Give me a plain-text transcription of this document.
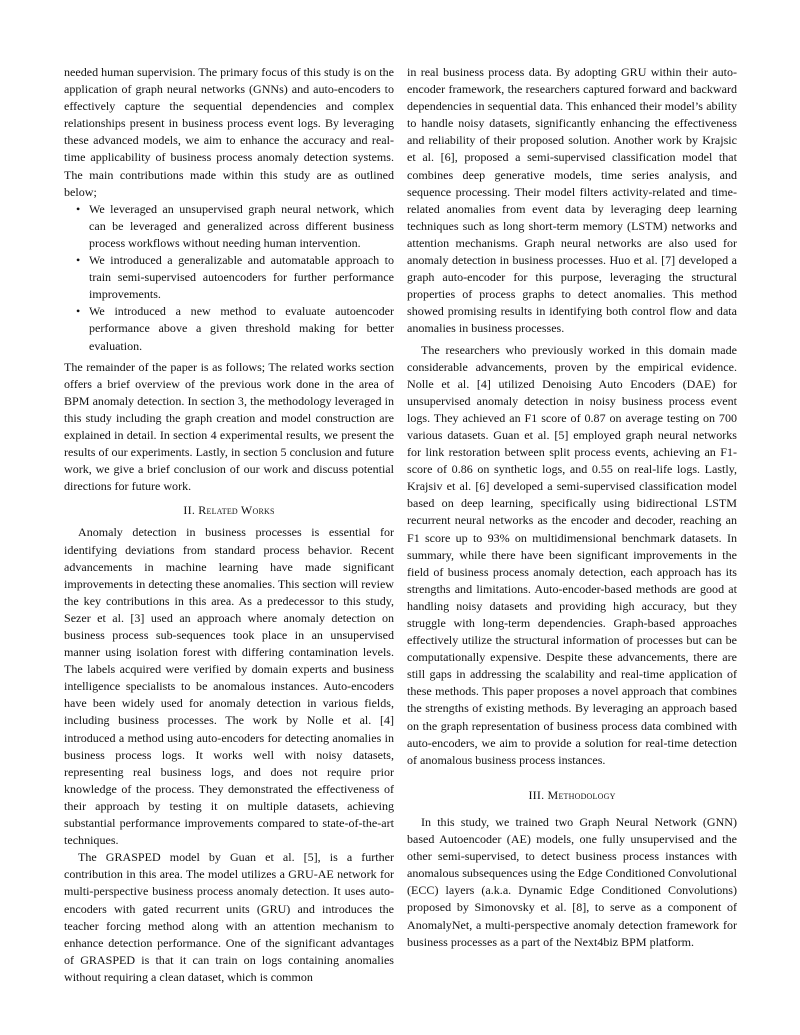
needed human supervision. The primary focus of this study is on the application of graph neural networks (GNNs) and auto-encoders to effectively capture the sequential dependencies and complex relationships present in business process event logs. By leveraging these advanced models, we aim to enhance the accuracy and real-time applicability of business process anomaly detection systems. The main contributions made within this study are as outlined below;

• We leveraged an unsupervised graph neural network, which can be leveraged and generalized across different business process workflows without needing human intervention.
• We introduced a generalizable and automatable approach to train semi-supervised autoencoders for further performance improvements.
• We introduced a new method to evaluate autoencoder performance above a given threshold making for better evaluation.

The remainder of the paper is as follows; The related works section offers a brief overview of the previous work done in the area of BPM anomaly detection. In section 3, the methodology leveraged in this study including the graph creation and model construction are explained in detail. In section 4 experimental results, we present the results of our experiments. Lastly, in section 5 conclusion and future work, we give a brief conclusion of our work and discuss potential directions for future work.

II. Related Works

Anomaly detection in business processes is essential for identifying deviations from standard process behavior. Recent advancements in machine learning have made significant improvements in detecting these anomalies. This section will review the key contributions in this area. As a predecessor to this study, Sezer et al. [3] used an approach where anomaly detection on business process sub-sequences took place in an unsupervised manner using isolation forest with differing contamination levels. The labels acquired were verified by domain experts and business intelligence specialists to be anomalous instances. Auto-encoders have been widely used for anomaly detection in various fields, including business processes. The work by Nolle et al. [4] introduced a method using auto-encoders for detecting anomalies in business process logs. It works well with noisy datasets, representing real business logs, and does not require prior knowledge of the process. They demonstrated the effectiveness of their approach by testing it on multiple datasets, achieving substantial performance improvements compared to state-of-the-art techniques.

The GRASPED model by Guan et al. [5], is a further contribution in this area. The model utilizes a GRU-AE network for multi-perspective business process anomaly detection. It uses auto-encoders with gated recurrent units (GRU) and introduces the teacher forcing method along with an attention mechanism to enhance detection performance. One of the significant advantages of GRASPED is that it can train on logs containing anomalies without requiring a clean dataset, which is common

in real business process data. By adopting GRU within their auto-encoder framework, the researchers captured forward and backward dependencies in sequential data. This enhanced their model’s ability to handle noisy datasets, significantly enhancing the effectiveness and reliability of their proposed solution. Another work by Krajsic et al. [6], proposed a semi-supervised classification model that combines deep generative models, time series analysis, and sequence processing. Their model filters activity-related and time-related anomalies from event data by leveraging deep learning techniques such as long short-term memory (LSTM) networks and attention mechanisms. Graph neural networks are also used for anomaly detection in business processes. Huo et al. [7] developed a graph auto-encoder for this purpose, leveraging the structural properties of process graphs to detect anomalies. This method showed promising results in identifying both control flow and data anomalies in business processes.

The researchers who previously worked in this domain made considerable advancements, proven by the empirical evidence. Nolle et al. [4] utilized Denoising Auto Encoders (DAE) for unsupervised anomaly detection in noisy business process event logs. They achieved an F1 score of 0.87 on average testing on 700 various datasets. Guan et al. [5] employed graph neural networks for link restoration between split process events, achieving an F1-score of 0.86 on synthetic logs, and 0.55 on real-life logs. Lastly, Krajsiv et al. [6] developed a semi-supervised classification model based on deep learning, specifically using bidirectional LSTM recurrent neural networks as the encoder and decoder, reaching an F1 score up to 93% on multidimensional benchmark datasets. In summary, while there have been significant improvements in the field of business process anomaly detection, each approach has its strengths and limitations. Auto-encoder-based methods are good at handling noisy datasets and providing high accuracy, but they struggle with long-term dependencies. Graph-based approaches effectively utilize the structural information of processes but can be computationally expensive. Despite these advancements, there are still gaps in addressing the scalability and real-time application of these methods. This paper proposes a novel approach that combines the strengths of existing methods. By leveraging an approach based on the graph representation of business process data combined with auto-encoders, we aim to provide a solution for real-time detection of anomalous business process instances.

III. Methodology

In this study, we trained two Graph Neural Network (GNN) based Autoencoder (AE) models, one fully unsupervised and the other semi-supervised, to detect business process instances with anomalous subsequences using the Edge Conditioned Convolutional (ECC) layers (a.k.a. Dynamic Edge Conditioned Convolutions) proposed by Simonovsky et al. [8], to serve as a component of AnomalyNet, a multi-perspective anomaly detection framework for business processes as a part of the Next4biz BPM platform.
